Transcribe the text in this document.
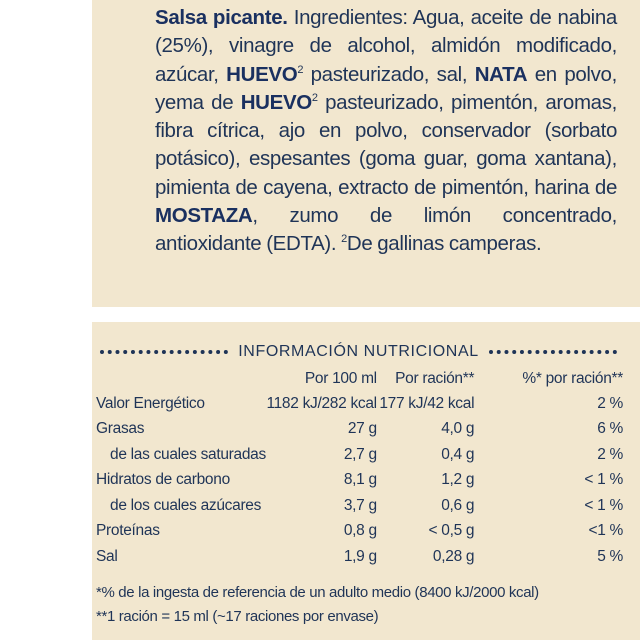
Salsa picante. Ingredientes: Agua, aceite de nabina (25%), vinagre de alcohol, almidón modificado, azúcar, HUEVO$^2$ pasteurizado, sal, NATA en polvo, yema de HUEVO$^2$ pasteurizado, pimentón, aromas, fibra cítrica, ajo en polvo, conservador (sorbato potásico), espesantes (goma guar, goma xantana), pimienta de cayena, extracto de pimentón, harina de MOSTAZA, zumo de limón concentrado, antioxidante (EDTA). $^2$De gallinas camperas.
INFORMACIÓN NUTRICIONAL
	Por 100 ml	Por ración**	%* por ración**
Valor Energético	1182 kJ/282 kcal	177 kJ/42 kcal	2 %
Grasas	27 g	4,0 g	6 %
de las cuales saturadas	2,7 g	0,4 g	2 %
Hidratos de carbono	8,1 g	1,2 g	< 1 %
de los cuales azúcares	3,7 g	0,6 g	< 1 %
Proteínas	0,8 g	< 0,5 g	<1 %
Sal	1,9 g	0,28 g	5 %
*% de la ingesta de referencia de un adulto medio (8400 kJ/2000 kcal)
**1 ración = 15 ml (~17 raciones por envase)
